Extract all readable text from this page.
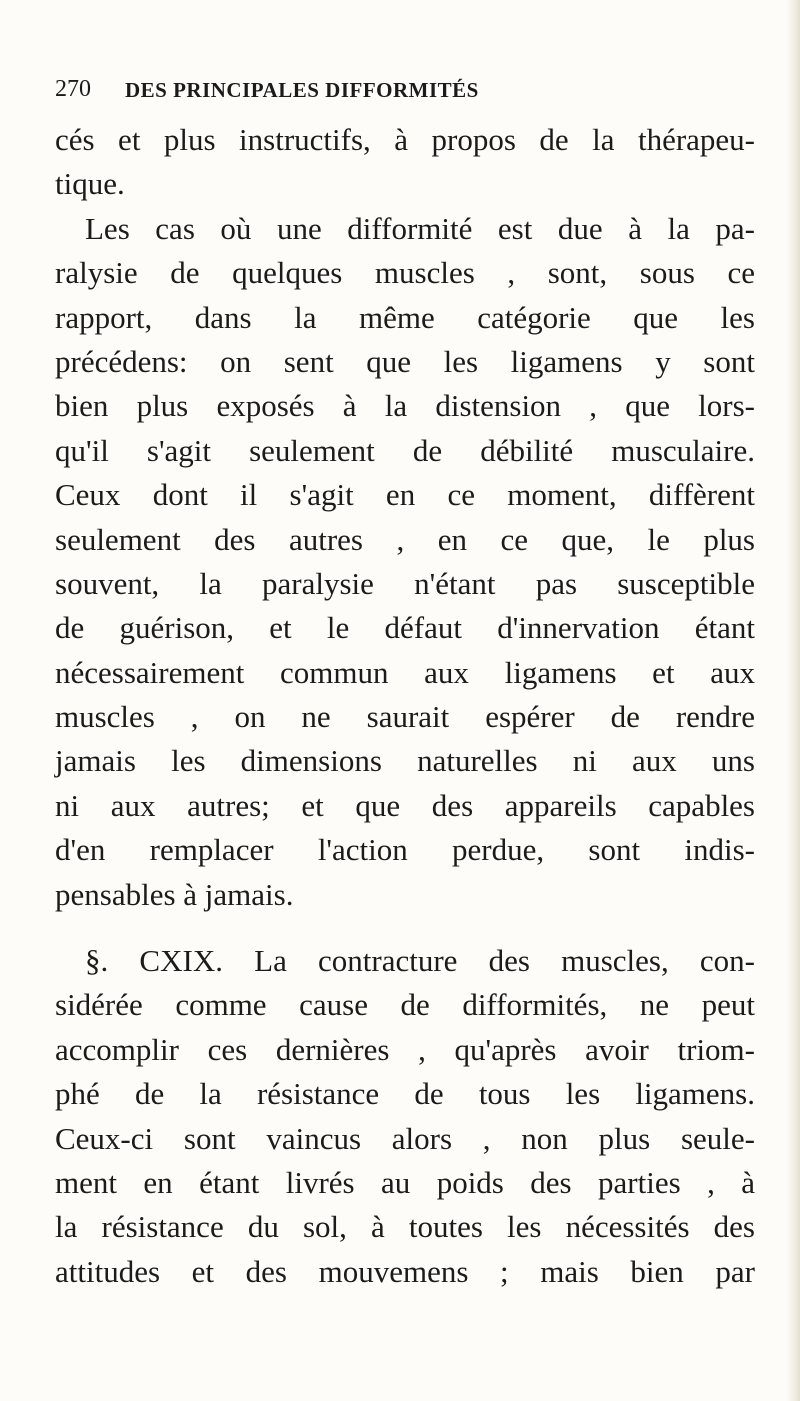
270 DES PRINCIPALES DIFFORMITÉS
cés et plus instructifs, à propos de la thérapeu-
tique.
Les cas où une difformité est due à la pa-
ralysie de quelques muscles , sont, sous ce
rapport, dans la même catégorie que les
précédens: on sent que les ligamens y sont
bien plus exposés à la distension , que lors-
qu'il s'agit seulement de débilité musculaire.
Ceux dont il s'agit en ce moment, diffèrent
seulement des autres , en ce que, le plus
souvent, la paralysie n'étant pas susceptible
de guérison, et le défaut d'innervation étant
nécessairement commun aux ligamens et aux
muscles , on ne saurait espérer de rendre
jamais les dimensions naturelles ni aux uns
ni aux autres; et que des appareils capables
d'en remplacer l'action perdue, sont indis-
pensables à jamais.
§. CXIX. La contracture des muscles, con-
sidérée comme cause de difformités, ne peut
accomplir ces dernières , qu'après avoir triom-
phé de la résistance de tous les ligamens.
Ceux-ci sont vaincus alors , non plus seule-
ment en étant livrés au poids des parties , à
la résistance du sol, à toutes les nécessités des
attitudes et des mouvemens ; mais bien par
